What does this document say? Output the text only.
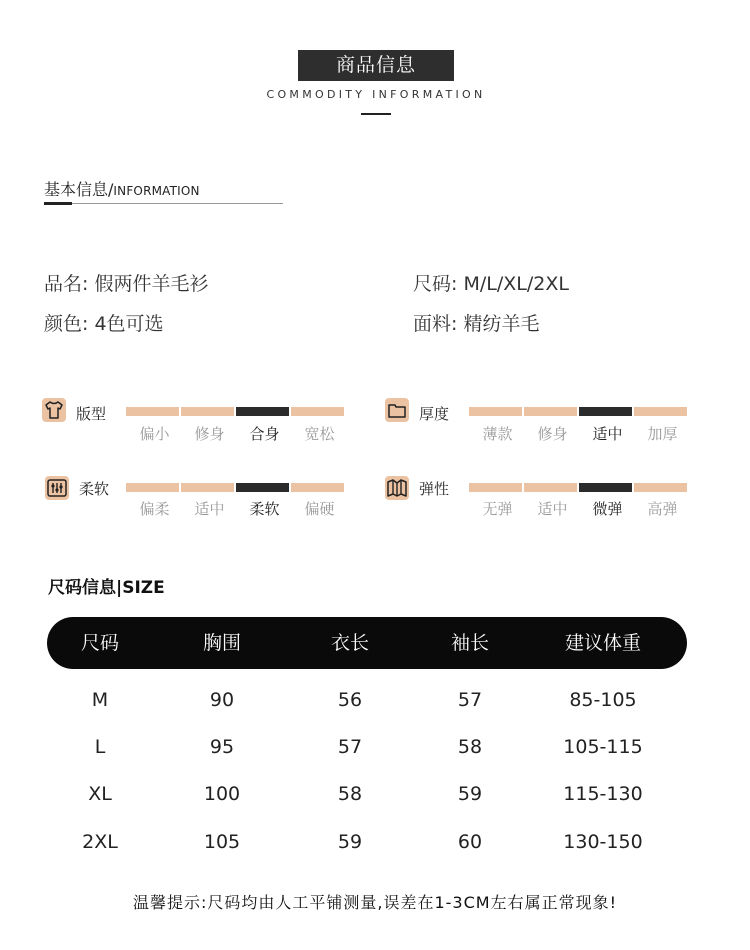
商品信息
COMMODITY INFORMATION
基本信息/INFORMATION
品名: 假两件羊毛衫	尺码: M/L/XL/2XL
颜色: 4色可选	面料: 精纺羊毛
版型
偏小	修身	合身	宽松
厚度
薄款	修身	适中	加厚
柔软
偏柔	适中	柔软	偏硬
弹性
无弹	适中	微弹	高弹
尺码信息|SIZE
尺码	胸围	衣长	袖长	建议体重
M	90	56	57	85-105
L	95	57	58	105-115
XL	100	58	59	115-130
2XL	105	59	60	130-150
温馨提示:尺码均由人工平铺测量,误差在1-3CM左右属正常现象!
